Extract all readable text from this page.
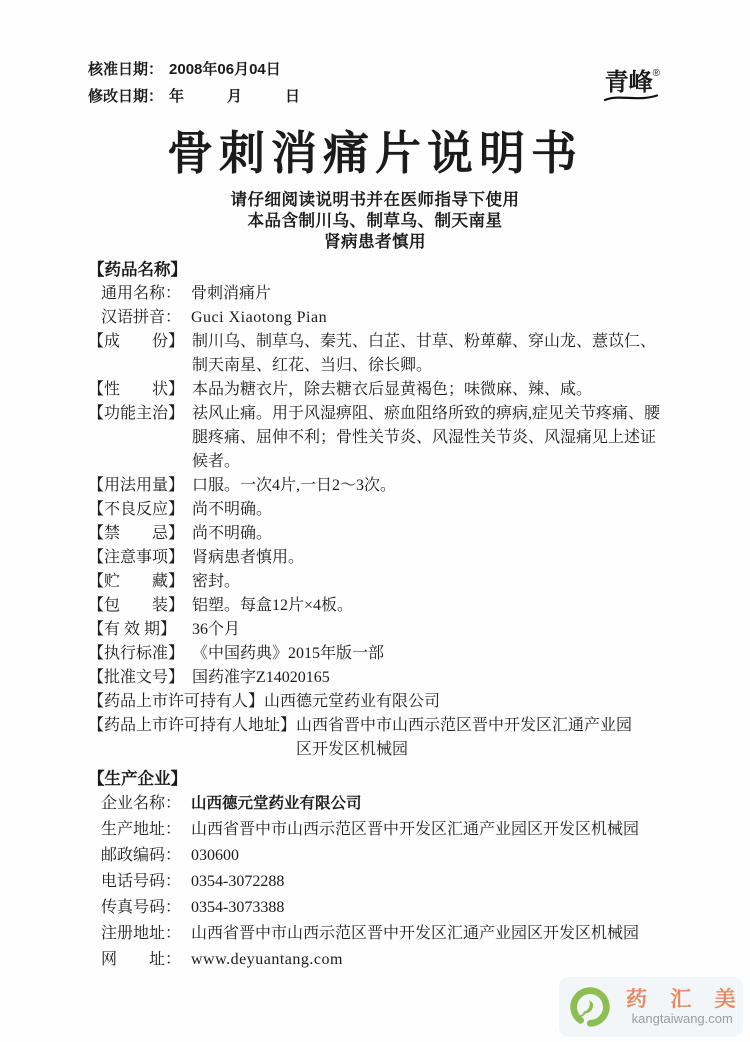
核准日期： 2008年06月04日
修改日期： 年　月　日
青峰®
骨刺消痛片说明书
请仔细阅读说明书并在医师指导下使用
本品含制川乌、制草乌、制天南星
肾病患者慎用
【药品名称】
通用名称： 骨刺消痛片
汉语拼音： Guci Xiaotong Pian
【成　　份】 制川乌、制草乌、秦艽、白芷、甘草、粉萆薢、穿山龙、薏苡仁、制天南星、红花、当归、徐长卿。
【性　　状】 本品为糖衣片，除去糖衣后显黄褐色；味微麻、辣、咸。
【功能主治】 祛风止痛。用于风湿痹阻、瘀血阻络所致的痹病,症见关节疼痛、腰腿疼痛、屈伸不利；骨性关节炎、风湿性关节炎、风湿痛见上述证候者。
【用法用量】 口服。一次4片,一日2～3次。
【不良反应】 尚不明确。
【禁　　忌】 尚不明确。
【注意事项】 肾病患者慎用。
【贮　　藏】 密封。
【包　　装】 铝塑。每盒12片×4板。
【有 效 期】 36个月
【执行标准】 《中国药典》2015年版一部
【批准文号】 国药准字Z14020165
【药品上市许可持有人】 山西德元堂药业有限公司
【药品上市许可持有人地址】 山西省晋中市山西示范区晋中开发区汇通产业园区开发区机械园
【生产企业】
企业名称： 山西德元堂药业有限公司
生产地址： 山西省晋中市山西示范区晋中开发区汇通产业园区开发区机械园
邮政编码： 030600
电话号码： 0354-3072288
传真号码： 0354-3073388
注册地址： 山西省晋中市山西示范区晋中开发区汇通产业园区开发区机械园
网　　址： www.deyuantang.com
药 汇 美
kangtaiwang.com
